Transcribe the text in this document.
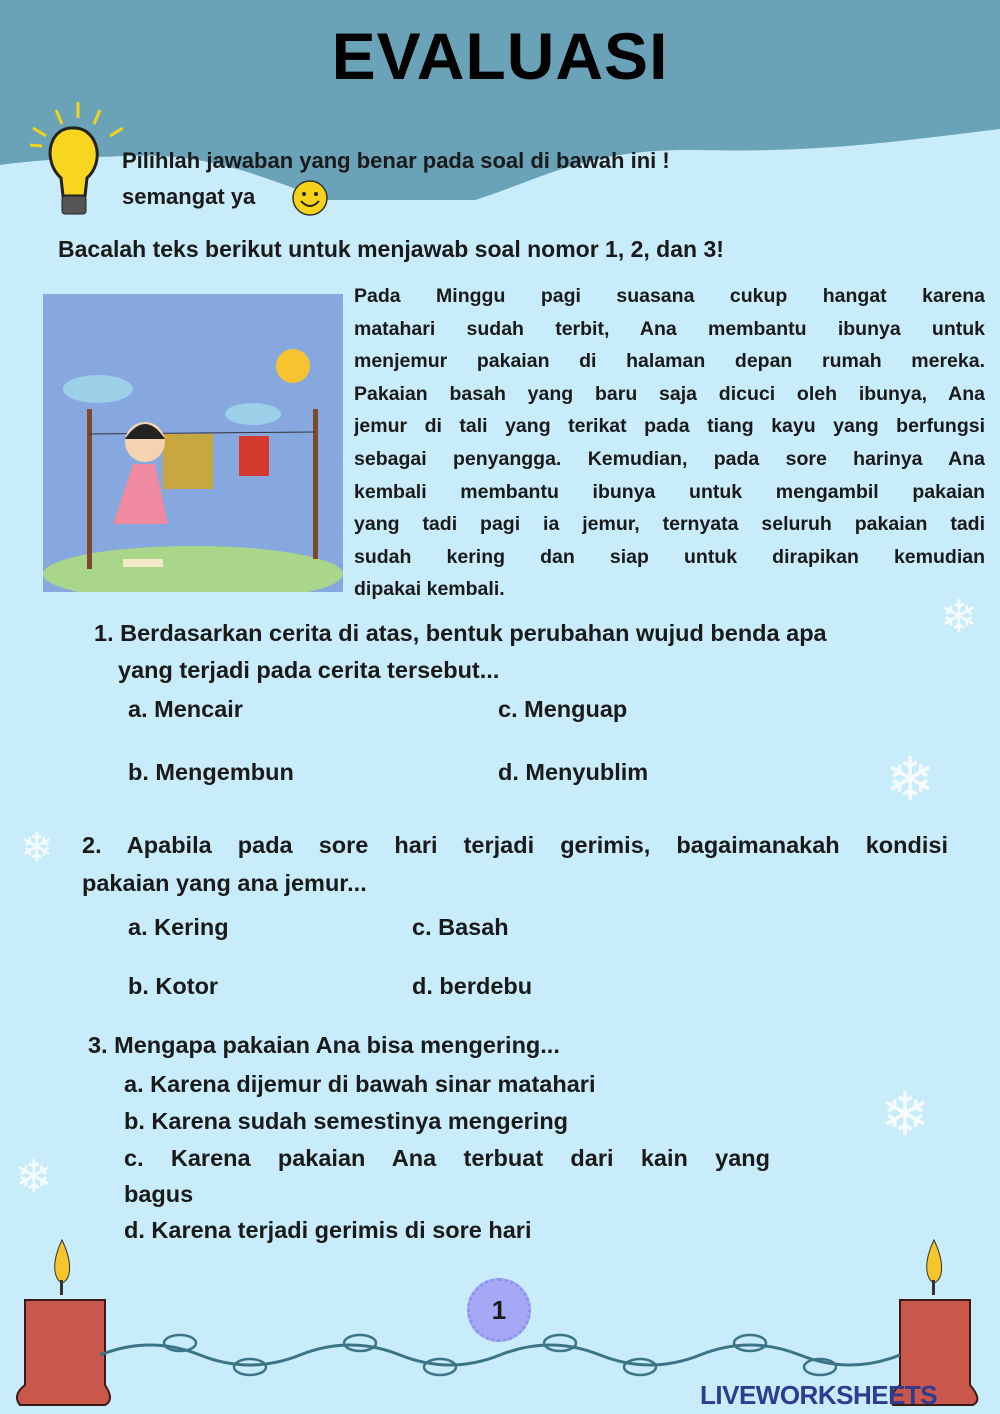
EVALUASI
Pilihlah jawaban yang benar pada soal di bawah ini !
semangat ya
Bacalah teks berikut untuk menjawab soal nomor 1, 2, dan 3!
Pada Minggu pagi suasana cukup hangat karena
matahari sudah terbit, Ana membantu ibunya untuk
menjemur pakaian di halaman depan rumah mereka.
Pakaian basah yang baru saja dicuci oleh ibunya, Ana
jemur di tali yang terikat pada tiang kayu yang berfungsi
sebagai penyangga. Kemudian, pada sore harinya Ana
kembali membantu ibunya untuk mengambil pakaian
yang tadi pagi ia jemur, ternyata seluruh pakaian tadi
sudah kering dan siap untuk dirapikan kemudian
dipakai kembali.
1. Berdasarkan cerita di atas, bentuk perubahan wujud benda apa
yang terjadi pada cerita tersebut...
a. Mencair	c. Menguap
b. Mengembun	d. Menyublim
2. Apabila pada sore hari terjadi gerimis, bagaimanakah kondisi
pakaian yang ana jemur...
a. Kering	c. Basah
b. Kotor	d. berdebu
3. Mengapa pakaian Ana bisa mengering...
a. Karena dijemur di bawah sinar matahari
b. Karena sudah semestinya mengering
c. Karena pakaian Ana terbuat dari kain yang
bagus
d. Karena terjadi gerimis di sore hari
❄
❄
❄
❄
❄
1
LIVEWORKSHEETS
